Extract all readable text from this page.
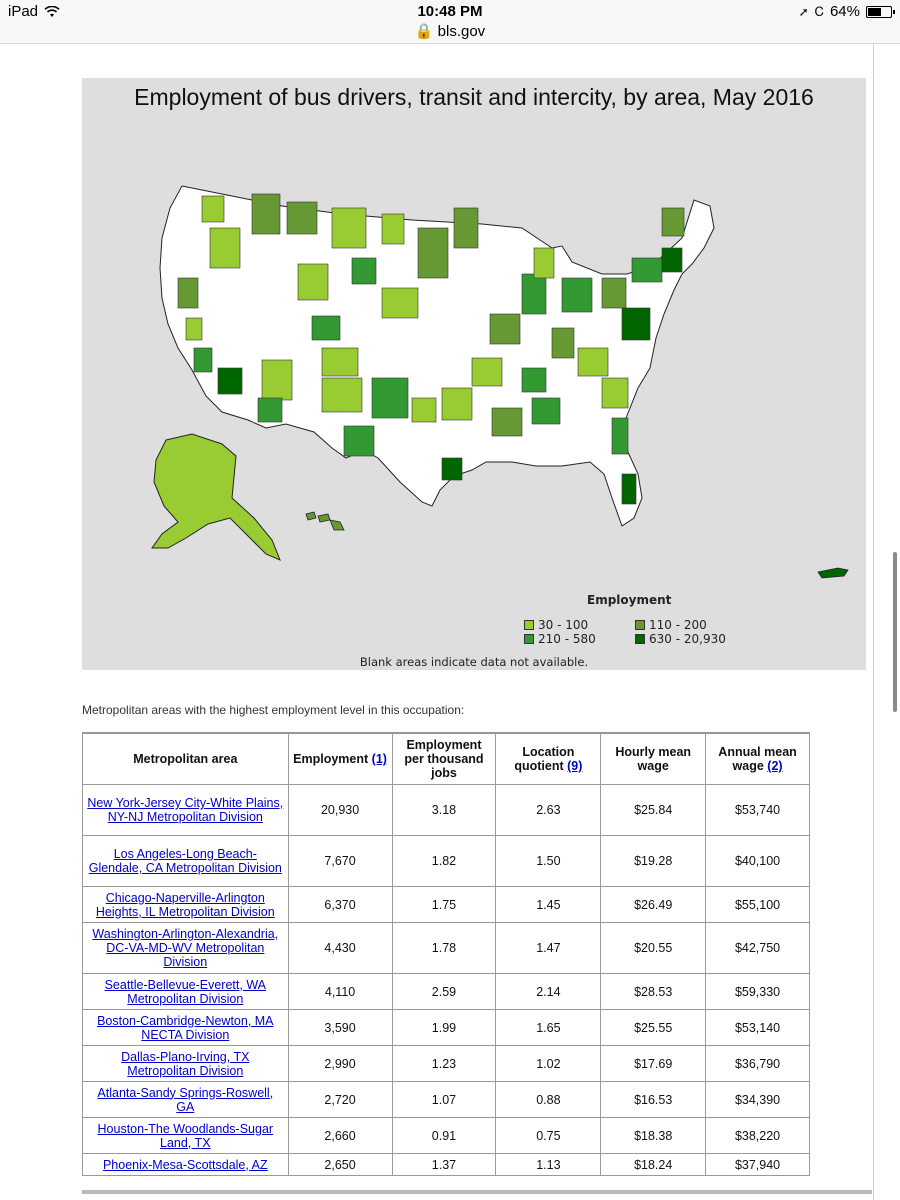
iPad	10:48 PM
🔒 bls.gov
➚ Ꮯ 64%
Employment of bus drivers, transit and intercity, by area, May 2016
Employment
30 - 100	110 - 200
210 - 580	630 - 20,930
Blank areas indicate data not available.
Metropolitan areas with the highest employment level in this occupation:
Metropolitan area	Employment (1)	Employment per thousand jobs	Location quotient (9)	Hourly mean wage	Annual mean wage (2)
New York-Jersey City-White Plains, NY-NJ Metropolitan Division	20,930	3.18	2.63	$25.84	$53,740
Los Angeles-Long Beach-Glendale, CA Metropolitan Division	7,670	1.82	1.50	$19.28	$40,100
Chicago-Naperville-Arlington Heights, IL Metropolitan Division	6,370	1.75	1.45	$26.49	$55,100
Washington-Arlington-Alexandria, DC-VA-MD-WV Metropolitan Division	4,430	1.78	1.47	$20.55	$42,750
Seattle-Bellevue-Everett, WA Metropolitan Division	4,110	2.59	2.14	$28.53	$59,330
Boston-Cambridge-Newton, MA NECTA Division	3,590	1.99	1.65	$25.55	$53,140
Dallas-Plano-Irving, TX Metropolitan Division	2,990	1.23	1.02	$17.69	$36,790
Atlanta-Sandy Springs-Roswell, GA	2,720	1.07	0.88	$16.53	$34,390
Houston-The Woodlands-Sugar Land, TX	2,660	0.91	0.75	$18.38	$38,220
Phoenix-Mesa-Scottsdale, AZ	2,650	1.37	1.13	$18.24	$37,940
